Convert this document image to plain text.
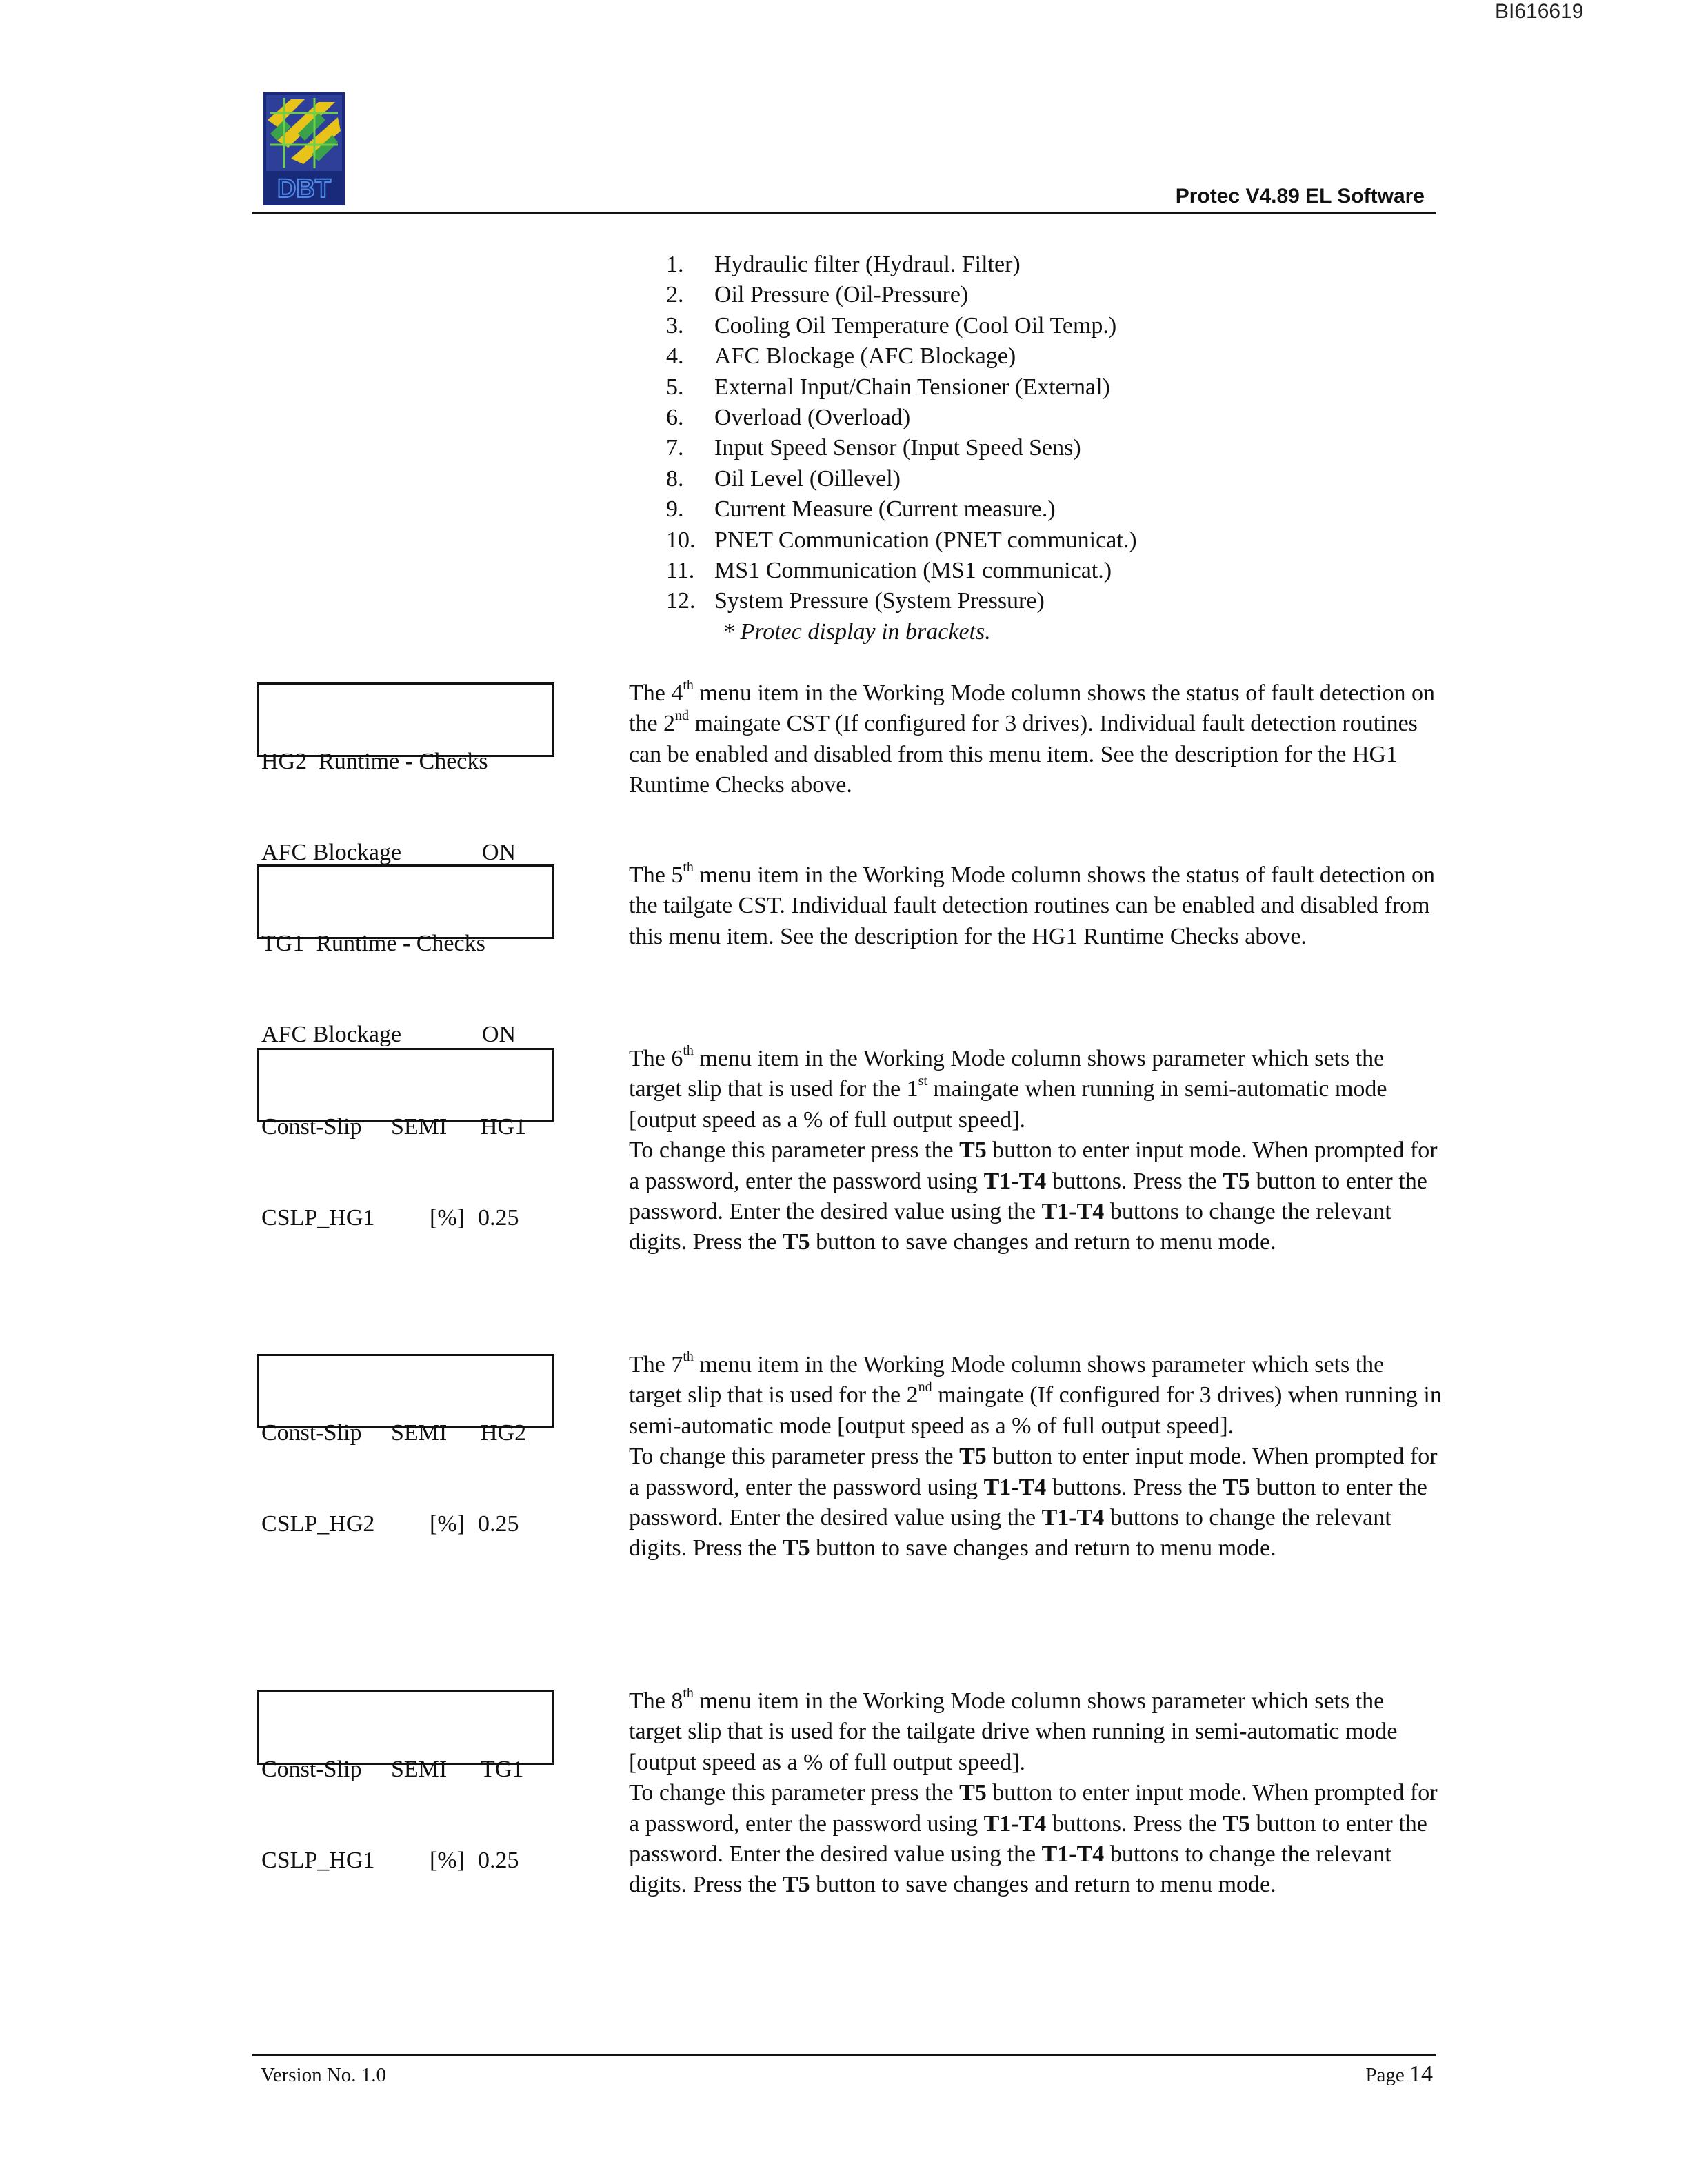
BI616619
DBT	Protec V4.89 EL Software
1.	Hydraulic filter (Hydraul. Filter)
2.	Oil Pressure (Oil-Pressure)
3.	Cooling Oil Temperature (Cool Oil Temp.)
4.	AFC Blockage (AFC Blockage)
5.	External Input/Chain Tensioner (External)
6.	Overload (Overload)
7.	Input Speed Sensor (Input Speed Sens)
8.	Oil Level (Oillevel)
9.	Current Measure (Current measure.)
10. PNET Communication (PNET communicat.)
11. MS1 Communication (MS1 communicat.)
12. System Pressure (System Pressure)
* Protec display in brackets.

HG2  Runtime - Checks

AFC Blockage	ON

The 4th menu item in the Working Mode column shows the status of fault detection on the 2nd maingate CST (If configured for 3 drives). Individual fault detection routines can be enabled and disabled from this menu item. See the description for the HG1 Runtime Checks above.

TG1  Runtime - Checks

AFC Blockage	ON

The 5th menu item in the Working Mode column shows the status of fault detection on the tailgate CST. Individual fault detection routines can be enabled and disabled from this menu item. See the description for the HG1 Runtime Checks above.

Const-Slip SEMI HG1

CSLP_HG1 [%] 0.25

The 6th menu item in the Working Mode column shows parameter which sets the target slip that is used for the 1st maingate when running in semi-automatic mode [output speed as a % of full output speed].
To change this parameter press the T5 button to enter input mode. When prompted for a password, enter the password using T1-T4 buttons. Press the T5 button to enter the password. Enter the desired value using the T1-T4 buttons to change the relevant digits. Press the T5 button to save changes and return to menu mode.

Const-Slip SEMI HG2

CSLP_HG2 [%] 0.25

The 7th menu item in the Working Mode column shows parameter which sets the target slip that is used for the 2nd maingate (If configured for 3 drives) when running in semi-automatic mode [output speed as a % of full output speed].
To change this parameter press the T5 button to enter input mode. When prompted for a password, enter the password using T1-T4 buttons. Press the T5 button to enter the password. Enter the desired value using the T1-T4 buttons to change the relevant digits. Press the T5 button to save changes and return to menu mode.

Const-Slip SEMI TG1

CSLP_HG1 [%] 0.25

The 8th menu item in the Working Mode column shows parameter which sets the target slip that is used for the tailgate drive when running in semi-automatic mode [output speed as a % of full output speed].
To change this parameter press the T5 button to enter input mode. When prompted for a password, enter the password using T1-T4 buttons. Press the T5 button to enter the password. Enter the desired value using the T1-T4 buttons to change the relevant digits. Press the T5 button to save changes and return to menu mode.
Version No. 1.0	Page 14
